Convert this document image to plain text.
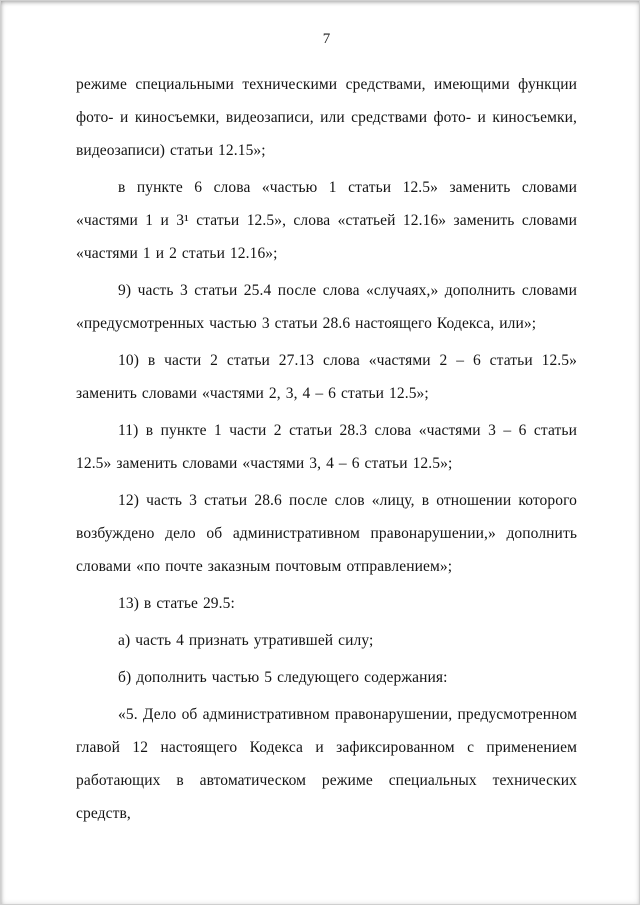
7

режиме специальными техническими средствами, имеющими функции фото- и киносъемки, видеозаписи, или средствами фото- и киносъемки, видеозаписи) статьи 12.15»;

в пункте 6 слова «частью 1 статьи 12.5» заменить словами «частями 1 и 3¹ статьи 12.5», слова «статьей 12.16» заменить словами «частями 1 и 2 статьи 12.16»;

9) часть 3 статьи 25.4 после слова «случаях,» дополнить словами «предусмотренных частью 3 статьи 28.6 настоящего Кодекса, или»;

10) в части 2 статьи 27.13 слова «частями 2 – 6 статьи 12.5» заменить словами «частями 2, 3, 4 – 6 статьи 12.5»;

11) в пункте 1 части 2 статьи 28.3 слова «частями 3 – 6 статьи 12.5» заменить словами «частями 3, 4 – 6 статьи 12.5»;

12) часть 3 статьи 28.6 после слов «лицу, в отношении которого возбуждено дело об административном правонарушении,» дополнить словами «по почте заказным почтовым отправлением»;

13) в статье 29.5:

а) часть 4 признать утратившей силу;

б) дополнить частью 5 следующего содержания:

«5. Дело об административном правонарушении, предусмотренном главой 12 настоящего Кодекса и зафиксированном с применением работающих в автоматическом режиме специальных технических средств,
